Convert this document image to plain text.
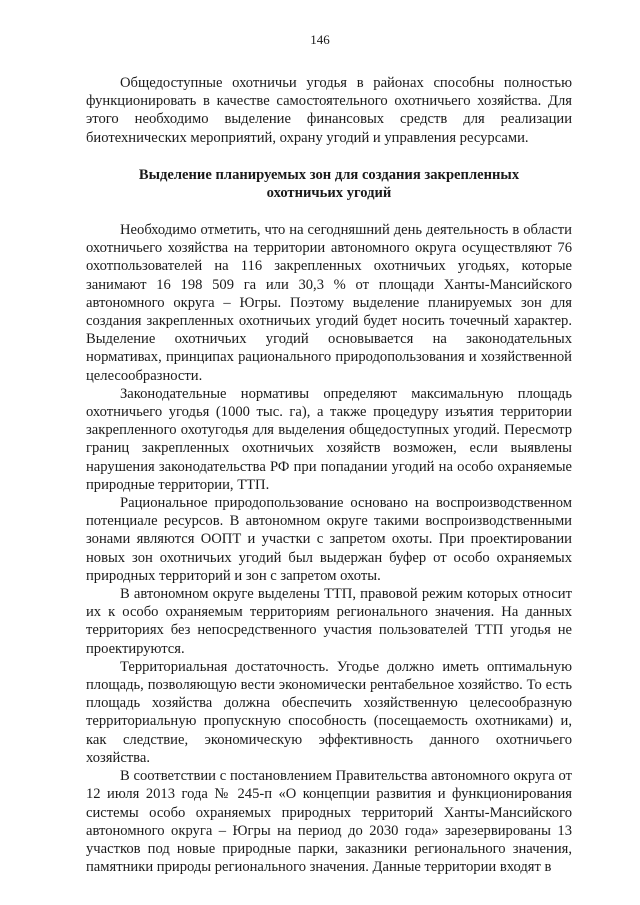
146

Общедоступные охотничьи угодья в районах способны полностью функционировать в качестве самостоятельного охотничьего хозяйства. Для этого необходимо выделение финансовых средств для реализации биотехнических мероприятий, охрану угодий и управления ресурсами.

Выделение планируемых зон для создания закрепленных
охотничьих угодий

Необходимо отметить, что на сегодняшний день деятельность в области охотничьего хозяйства на территории автономного округа осуществляют 76 охотпользователей на 116 закрепленных охотничьих угодьях, которые занимают 16 198 509 га или 30,3 % от площади Ханты-Мансийского автономного округа – Югры. Поэтому выделение планируемых зон для создания закрепленных охотничьих угодий будет носить точечный характер. Выделение охотничьих угодий основывается на законодательных нормативах, принципах рационального природопользования и хозяйственной целесообразности.

Законодательные нормативы определяют максимальную площадь охотничьего угодья (1000 тыс. га), а также процедуру изъятия территории закрепленного охотугодья для выделения общедоступных угодий. Пересмотр границ закрепленных охотничьих хозяйств возможен, если выявлены нарушения законодательства РФ при попадании угодий на особо охраняемые природные территории, ТТП.

Рациональное природопользование основано на воспроизводственном потенциале ресурсов. В автономном округе такими воспроизводственными зонами являются ООПТ и участки с запретом охоты. При проектировании новых зон охотничьих угодий был выдержан буфер от особо охраняемых природных территорий и зон с запретом охоты.

В автономном округе выделены ТТП, правовой режим которых относит их к особо охраняемым территориям регионального значения. На данных территориях без непосредственного участия пользователей ТТП угодья не проектируются.

Территориальная достаточность. Угодье должно иметь оптимальную площадь, позволяющую вести экономически рентабельное хозяйство. То есть площадь хозяйства должна обеспечить хозяйственную целесообразную территориальную пропускную способность (посещаемость охотниками) и, как следствие, экономическую эффективность данного охотничьего хозяйства.

В соответствии с постановлением Правительства автономного округа от 12 июля 2013 года № 245-п «О концепции развития и функционирования системы особо охраняемых природных территорий Ханты-Мансийского автономного округа – Югры на период до 2030 года» зарезервированы 13 участков под новые природные парки, заказники регионального значения, памятники природы регионального значения. Данные территории входят в
